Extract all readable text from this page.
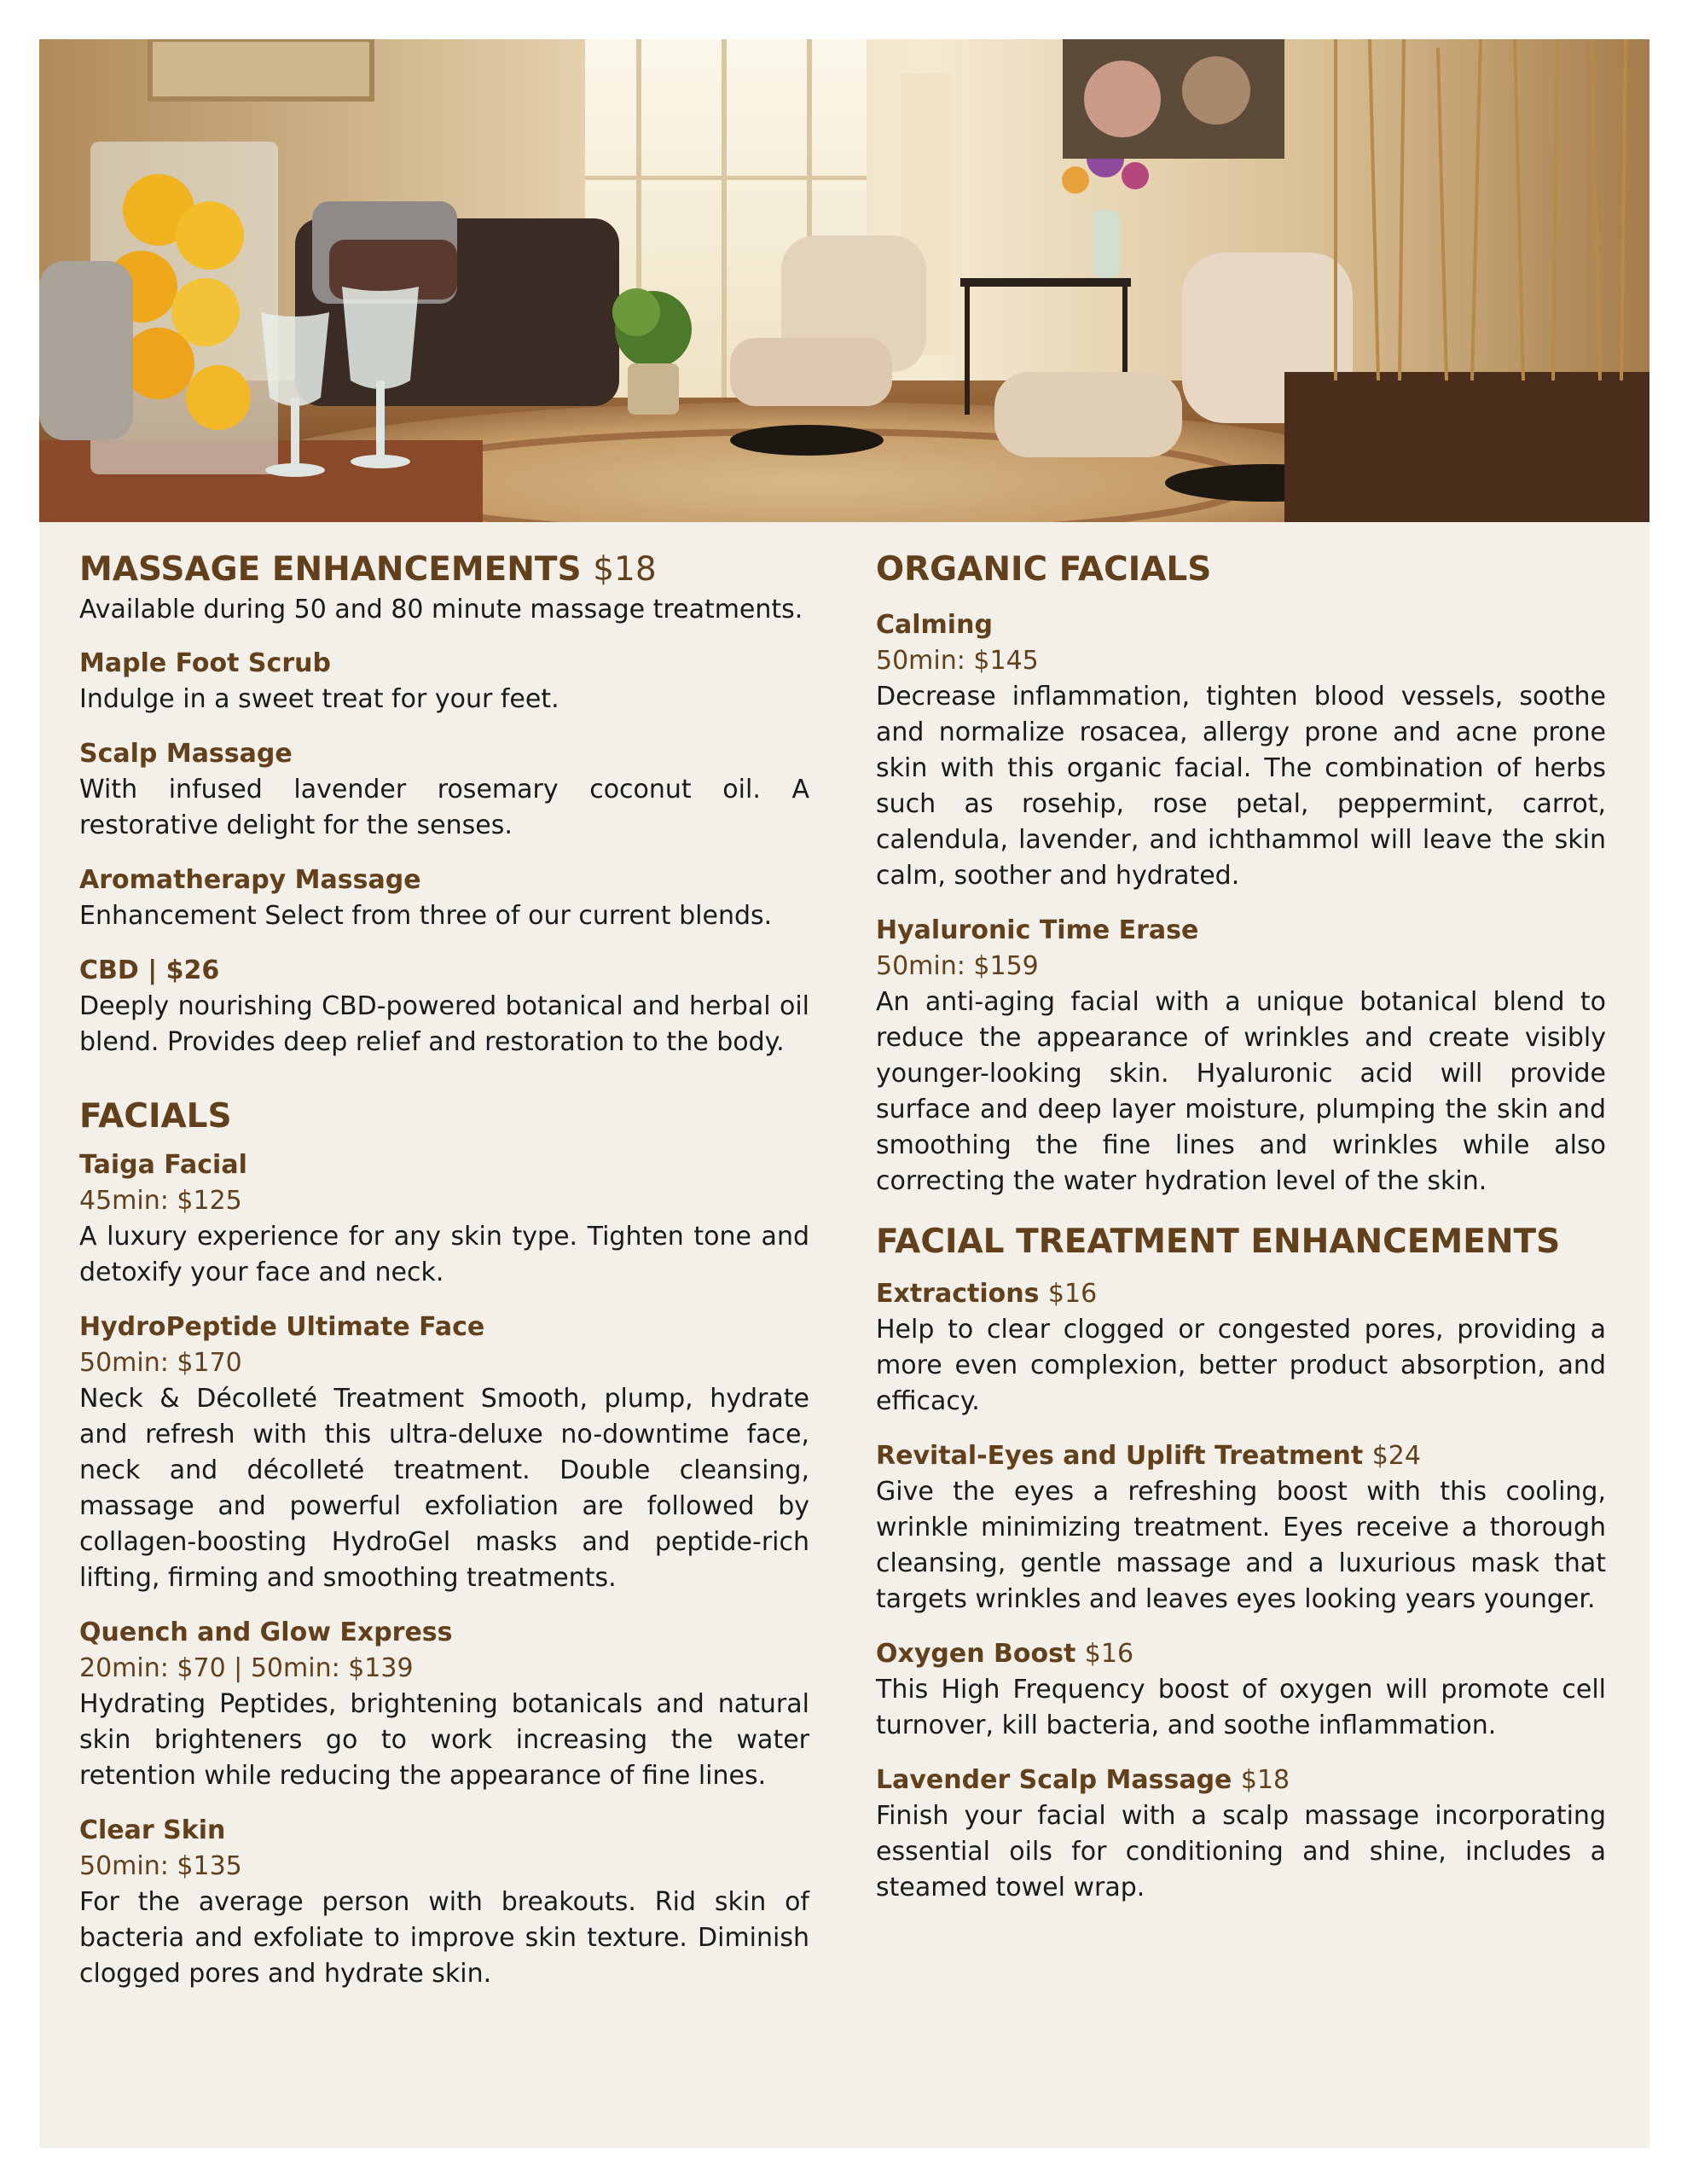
MASSAGE ENHANCEMENTS $18

Available during 50 and 80 minute massage treatments.

Maple Foot Scrub

Indulge in a sweet treat for your feet.

Scalp Massage

With infused lavender rosemary coconut oil. A restorative delight for the senses.

Aromatherapy Massage

Enhancement Select from three of our current blends.

CBD | $26

Deeply nourishing CBD-powered botanical and herbal oil blend. Provides deep relief and restoration to the body.

FACIALS

Taiga Facial

45min: $125

A luxury experience for any skin type. Tighten tone and detoxify your face and neck.

HydroPeptide Ultimate Face

50min: $170

Neck & Décolleté Treatment Smooth, plump, hydrate and refresh with this ultra-deluxe no-downtime face, neck and décolleté treatment. Double cleansing, massage and powerful exfoliation are followed by collagen-boosting HydroGel masks and peptide-rich lifting, firming and smoothing treatments.

Quench and Glow Express

20min: $70 | 50min: $139

Hydrating Peptides, brightening botanicals and natural skin brighteners go to work increasing the water retention while reducing the appearance of fine lines.

Clear Skin

50min: $135

For the average person with breakouts. Rid skin of bacteria and exfoliate to improve skin texture. Diminish clogged pores and hydrate skin.

ORGANIC FACIALS

Calming

50min: $145

Decrease inflammation, tighten blood vessels, soothe and normalize rosacea, allergy prone and acne prone skin with this organic facial. The combination of herbs such as rosehip, rose petal, peppermint, carrot, calendula, lavender, and ichthammol will leave the skin calm, soother and hydrated.

Hyaluronic Time Erase

50min: $159

An anti-aging facial with a unique botanical blend to reduce the appearance of wrinkles and create visibly younger-looking skin. Hyaluronic acid will provide surface and deep layer moisture, plumping the skin and smoothing the fine lines and wrinkles while also correcting the water hydration level of the skin.

FACIAL TREATMENT ENHANCEMENTS

Extractions $16

Help to clear clogged or congested pores, providing a more even complexion, better product absorption, and efficacy.

Revital-Eyes and Uplift Treatment $24

Give the eyes a refreshing boost with this cooling, wrinkle minimizing treatment. Eyes receive a thorough cleansing, gentle massage and a luxurious mask that targets wrinkles and leaves eyes looking years younger.

Oxygen Boost $16

This High Frequency boost of oxygen will promote cell turnover, kill bacteria, and soothe inflammation.

Lavender Scalp Massage $18

Finish your facial with a scalp massage incorporating essential oils for conditioning and shine, includes a steamed towel wrap.
